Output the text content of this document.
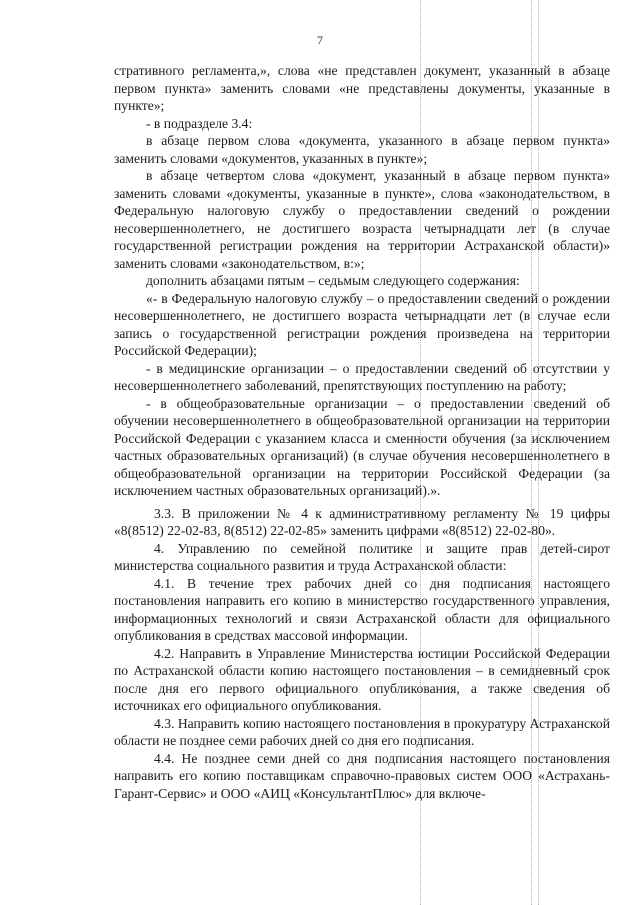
7

стративного регламента,», слова «не представлен документ, указанный в абзаце первом пункта» заменить словами «не представлены документы, указанные в пункте»;

- в подразделе 3.4:

в абзаце первом слова «документа, указанного в абзаце первом пункта» заменить словами «документов, указанных в пункте»;

в абзаце четвертом слова «документ, указанный в абзаце первом пункта» заменить словами «документы, указанные в пункте», слова «законодательством, в Федеральную налоговую службу о предоставлении сведений о рождении несовершеннолетнего, не достигшего возраста четырнадцати лет (в случае государственной регистрации рождения на территории Астраханской области)» заменить словами «законодательством, в:»;

дополнить абзацами пятым – седьмым следующего содержания:

«- в Федеральную налоговую службу – о предоставлении сведений о рождении несовершеннолетнего, не достигшего возраста четырнадцати лет (в случае если запись о государственной регистрации рождения произведена на территории Российской Федерации);

- в медицинские организации – о предоставлении сведений об отсутствии у несовершеннолетнего заболеваний, препятствующих поступлению на работу;

- в общеобразовательные организации – о предоставлении сведений об обучении несовершеннолетнего в общеобразовательной организации на территории Российской Федерации с указанием класса и сменности обучения (за исключением частных образовательных организаций) (в случае обучения несовершеннолетнего в общеобразовательной организации на территории Российской Федерации (за исключением частных образовательных организаций).».

3.3. В приложении № 4 к административному регламенту № 19 цифры «8(8512) 22-02-83, 8(8512) 22-02-85» заменить цифрами «8(8512) 22-02-80».

4. Управлению по семейной политике и защите прав детей-сирот министерства социального развития и труда Астраханской области:

4.1. В течение трех рабочих дней со дня подписания настоящего постановления направить его копию в министерство государственного управления, информационных технологий и связи Астраханской области для официального опубликования в средствах массовой информации.

4.2. Направить в Управление Министерства юстиции Российской Федерации по Астраханской области копию настоящего постановления – в семидневный срок после дня его первого официального опубликования, а также сведения об источниках его официального опубликования.

4.3. Направить копию настоящего постановления в прокуратуру Астраханской области не позднее семи рабочих дней со дня его подписания.

4.4. Не позднее семи дней со дня подписания настоящего постановления направить его копию поставщикам справочно-правовых систем ООО «Астрахань-Гарант-Сервис» и ООО «АИЦ «КонсультантПлюс» для включе-
